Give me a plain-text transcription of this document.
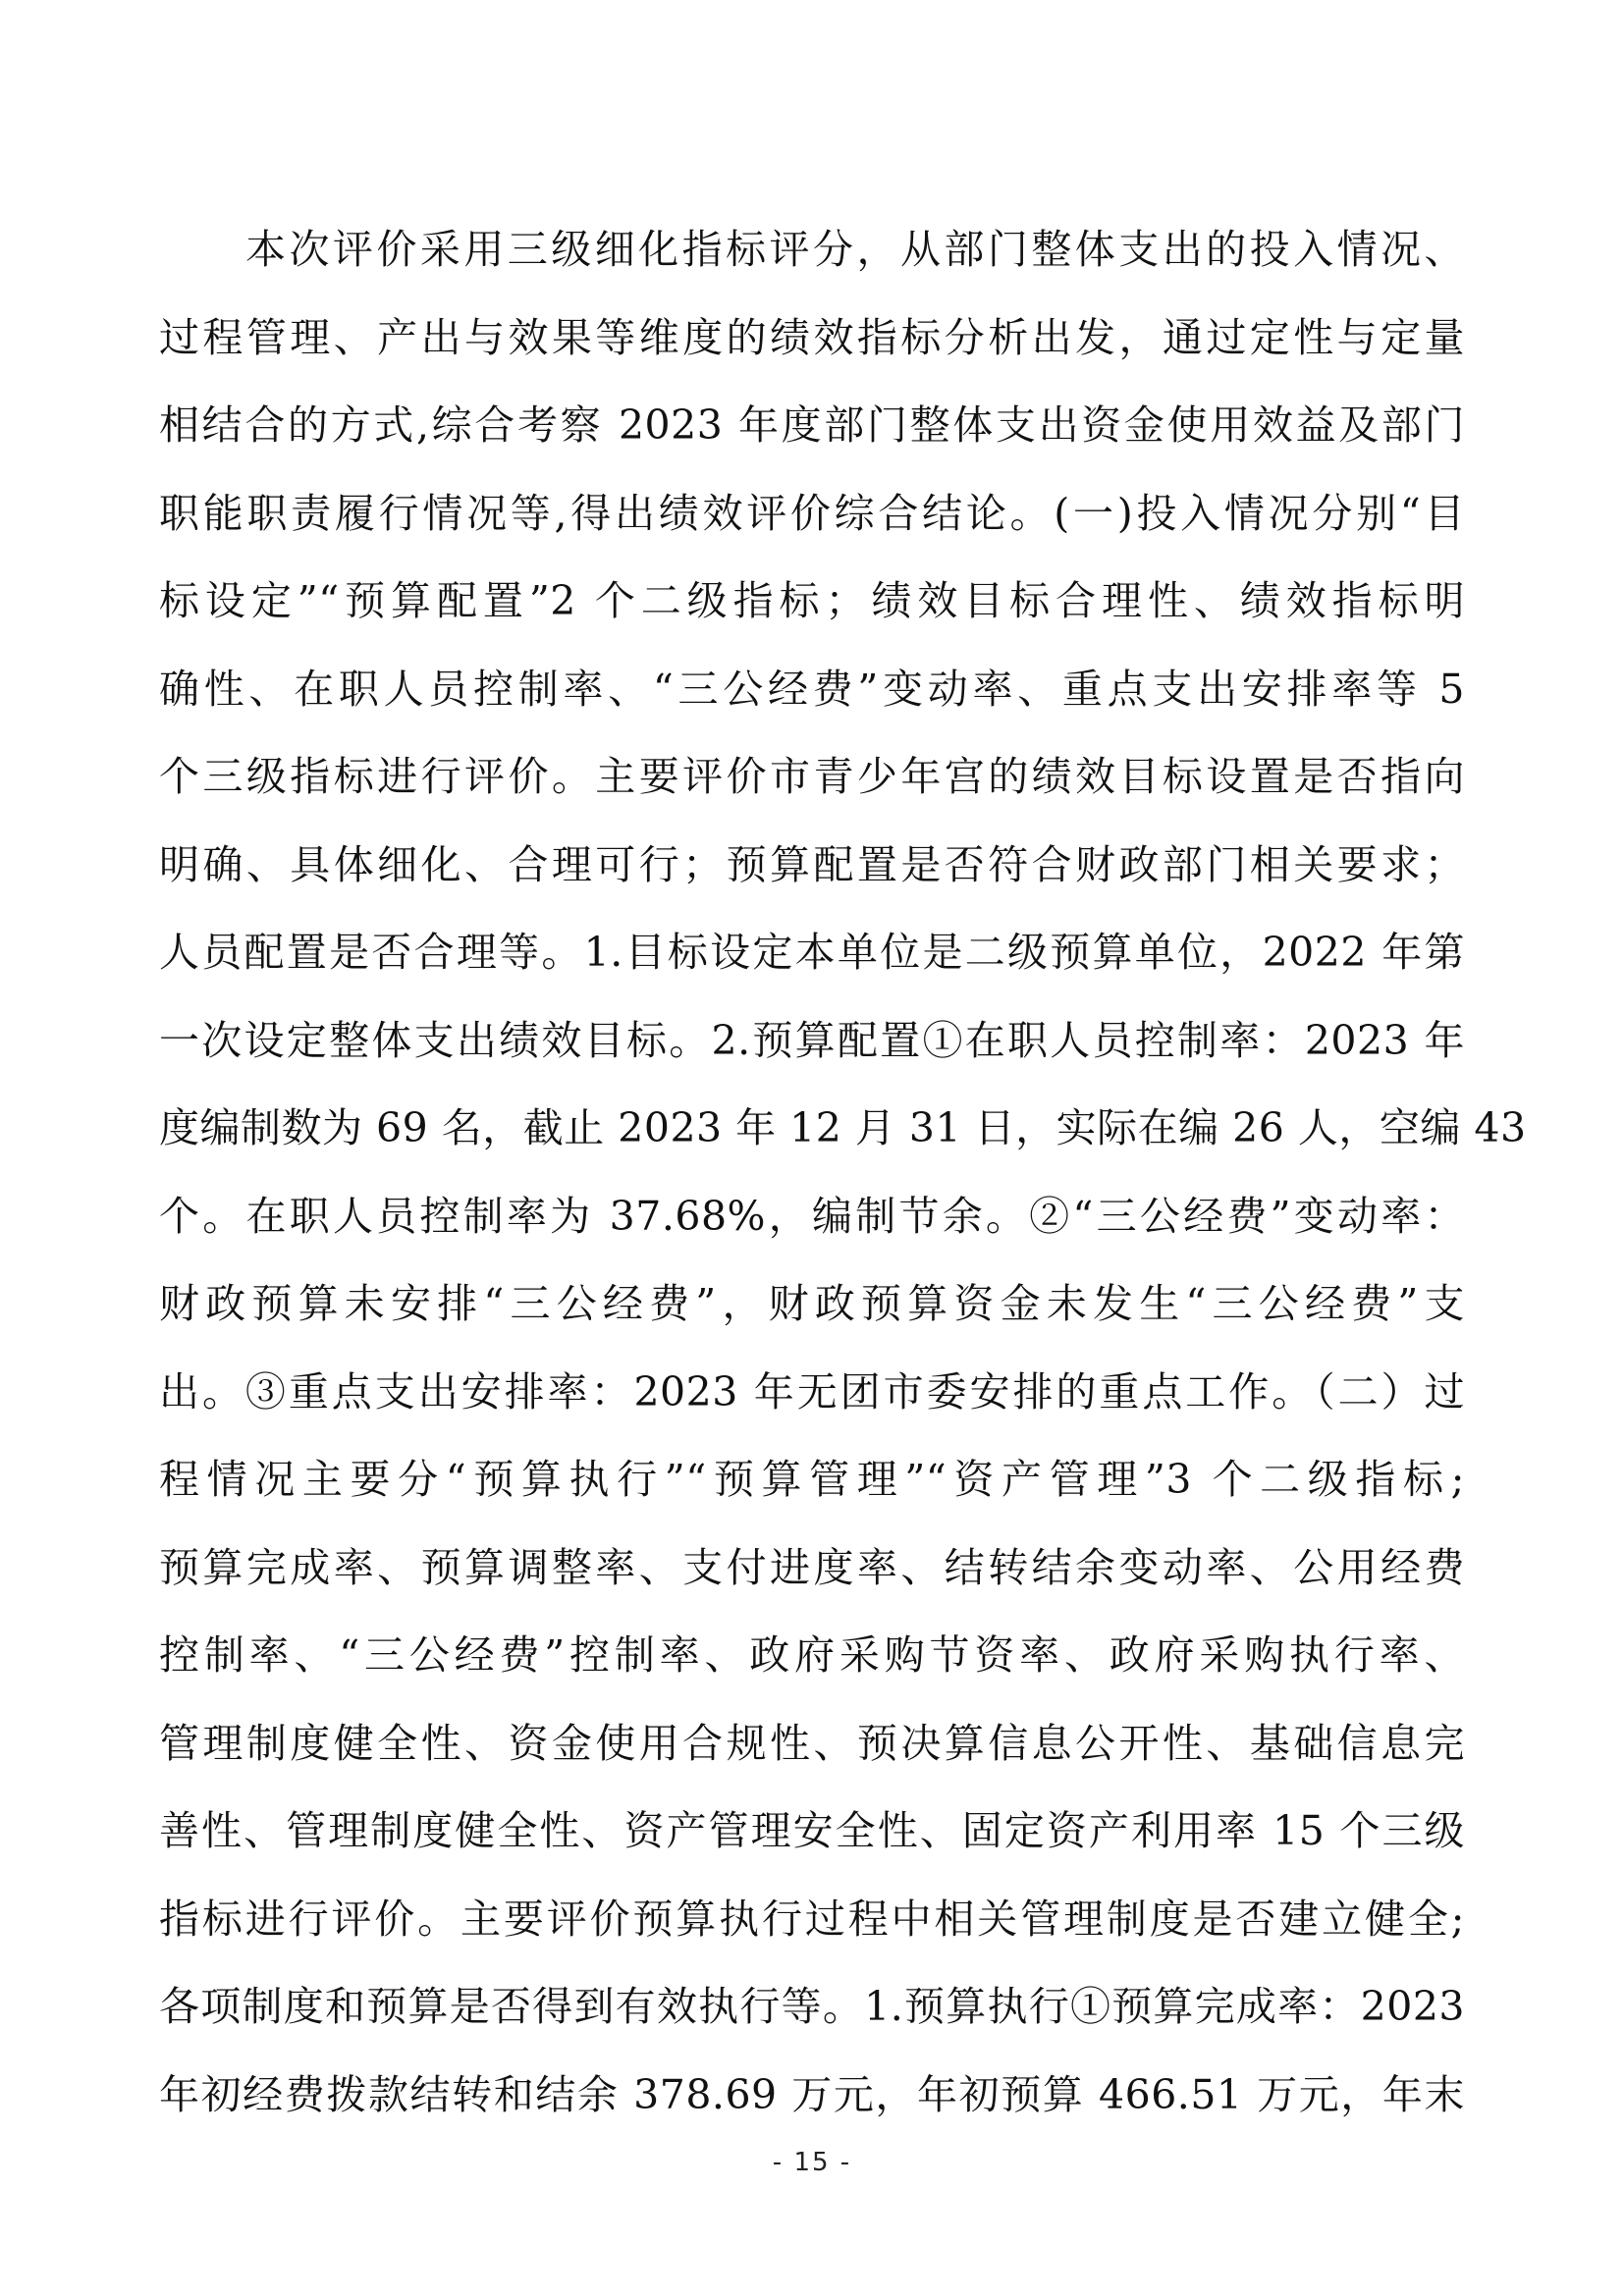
本次评价采用三级细化指标评分，从部门整体支出的投入情况、
过程管理、产出与效果等维度的绩效指标分析出发，通过定性与定量
相结合的方式,综合考察 2023 年度部门整体支出资金使用效益及部门
职能职责履行情况等,得出绩效评价综合结论。(一)投入情况分别“目
标设定”“预算配置”2 个二级指标；绩效目标合理性、绩效指标明
确性、在职人员控制率、“三公经费”变动率、重点支出安排率等 5
个三级指标进行评价。主要评价市青少年宫的绩效目标设置是否指向
明确、具体细化、合理可行；预算配置是否符合财政部门相关要求；
人员配置是否合理等。1.目标设定本单位是二级预算单位，2022 年第
一次设定整体支出绩效目标。2.预算配置①在职人员控制率：2023 年
度编制数为 69 名，截止 2023 年 12 月 31 日，实际在编 26 人，空编 43
个。在职人员控制率为 37.68%，编制节余。②“三公经费”变动率：
财政预算未安排“三公经费”，财政预算资金未发生“三公经费”支
出。③重点支出安排率：2023 年无团市委安排的重点工作。（二）过
程情况主要分“预算执行”“预算管理”“资产管理”3 个二级指标;
预算完成率、预算调整率、支付进度率、结转结余变动率、公用经费
控制率、“三公经费”控制率、政府采购节资率、政府采购执行率、
管理制度健全性、资金使用合规性、预决算信息公开性、基础信息完
善性、管理制度健全性、资产管理安全性、固定资产利用率 15 个三级
指标进行评价。主要评价预算执行过程中相关管理制度是否建立健全;
各项制度和预算是否得到有效执行等。1.预算执行①预算完成率：2023
年初经费拨款结转和结余 378.69 万元，年初预算 466.51 万元，年末
- 15 -
